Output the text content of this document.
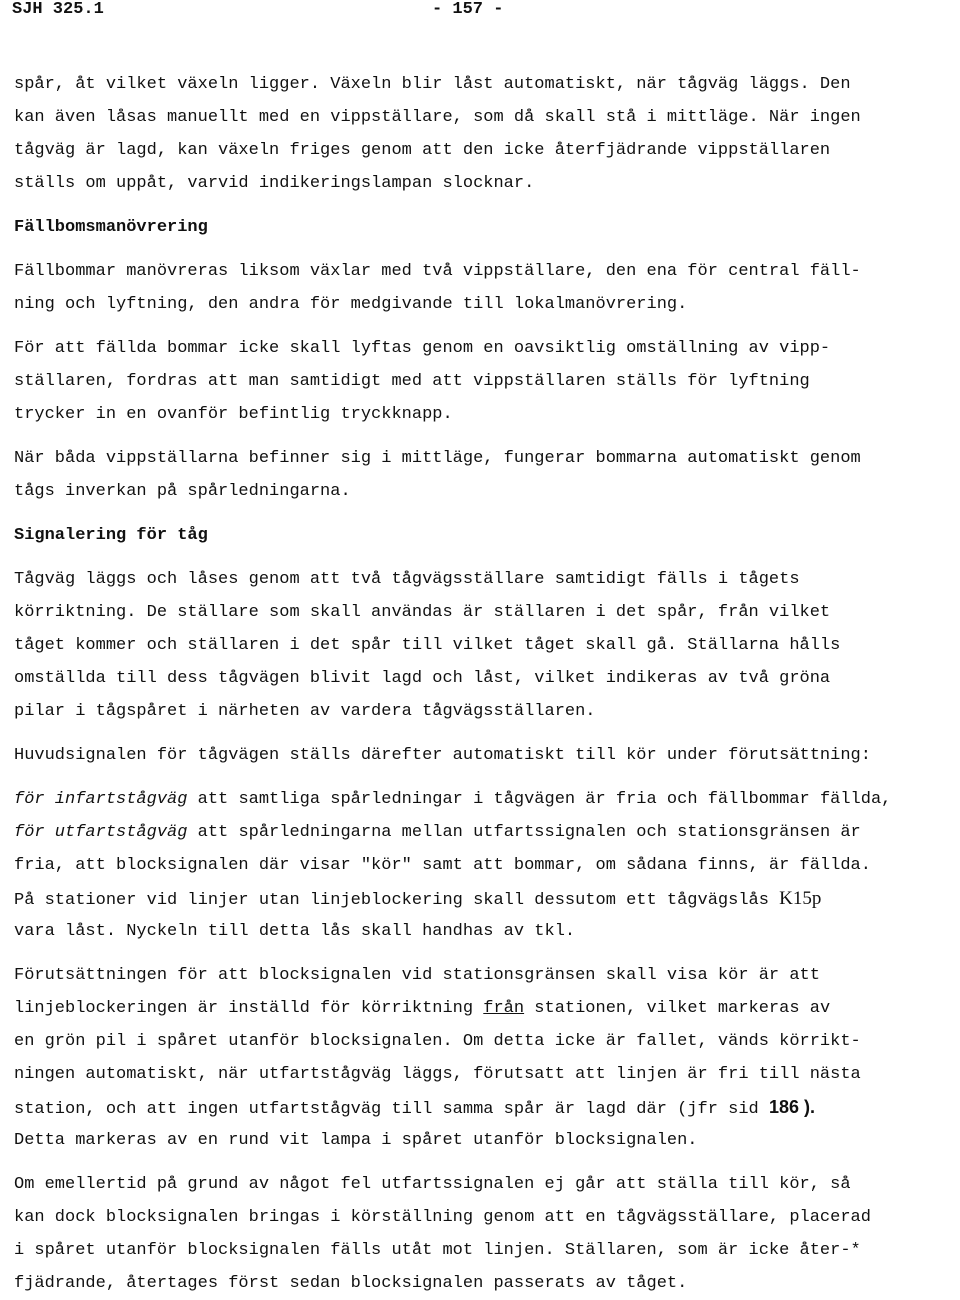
SJH 325.1	- 157 -
spår, åt vilket växeln ligger. Växeln blir låst automatiskt, när tågväg läggs. Den
kan även låsas manuellt med en vippställare, som då skall stå i mittläge. När ingen
tågväg är lagd, kan växeln friges genom att den icke återfjädrande vippställaren
ställs om uppåt, varvid indikeringslampan slocknar.
Fällbomsmanövrering
Fällbommar manövreras liksom växlar med två vippställare, den ena för central fäll-
ning och lyftning, den andra för medgivande till lokalmanövrering.
För att fällda bommar icke skall lyftas genom en oavsiktlig omställning av vipp-
ställaren, fordras att man samtidigt med att vippställaren ställs för lyftning
trycker in en ovanför befintlig tryckknapp.
När båda vippställarna befinner sig i mittläge, fungerar bommarna automatiskt genom
tågs inverkan på spårledningarna.
Signalering för tåg
Tågväg läggs och låses genom att två tågvägsställare samtidigt fälls i tågets
körriktning. De ställare som skall användas är ställaren i det spår, från vilket
tåget kommer och ställaren i det spår till vilket tåget skall gå. Ställarna hålls
omställda till dess tågvägen blivit lagd och låst, vilket indikeras av två gröna
pilar i tågspåret i närheten av vardera tågvägsställaren.
Huvudsignalen för tågvägen ställs därefter automatiskt till kör under förutsättning:
för infartstågväg att samtliga spårledningar i tågvägen är fria och fällbommar fällda,
för utfartstågväg att spårledningarna mellan utfartssignalen och stationsgränsen är
fria, att blocksignalen där visar "kör" samt att bommar, om sådana finns, är fällda.
På stationer vid linjer utan linjeblockering skall dessutom ett tågvägslås K15p
vara låst. Nyckeln till detta lås skall handhas av tkl.
Förutsättningen för att blocksignalen vid stationsgränsen skall visa kör är att
linjeblockeringen är inställd för körriktning från stationen, vilket markeras av
en grön pil i spåret utanför blocksignalen. Om detta icke är fallet, vänds körrikt-
ningen automatiskt, när utfartstågväg läggs, förutsatt att linjen är fri till nästa
station, och att ingen utfartstågväg till samma spår är lagd där (jfr sid 186 ).
Detta markeras av en rund vit lampa i spåret utanför blocksignalen.
Om emellertid på grund av något fel utfartssignalen ej går att ställa till kör, så
kan dock blocksignalen bringas i körställning genom att en tågvägsställare, placerad
i spåret utanför blocksignalen fälls utåt mot linjen. Ställaren, som är icke åter-*
fjädrande, återtages först sedan blocksignalen passerats av tåget.
